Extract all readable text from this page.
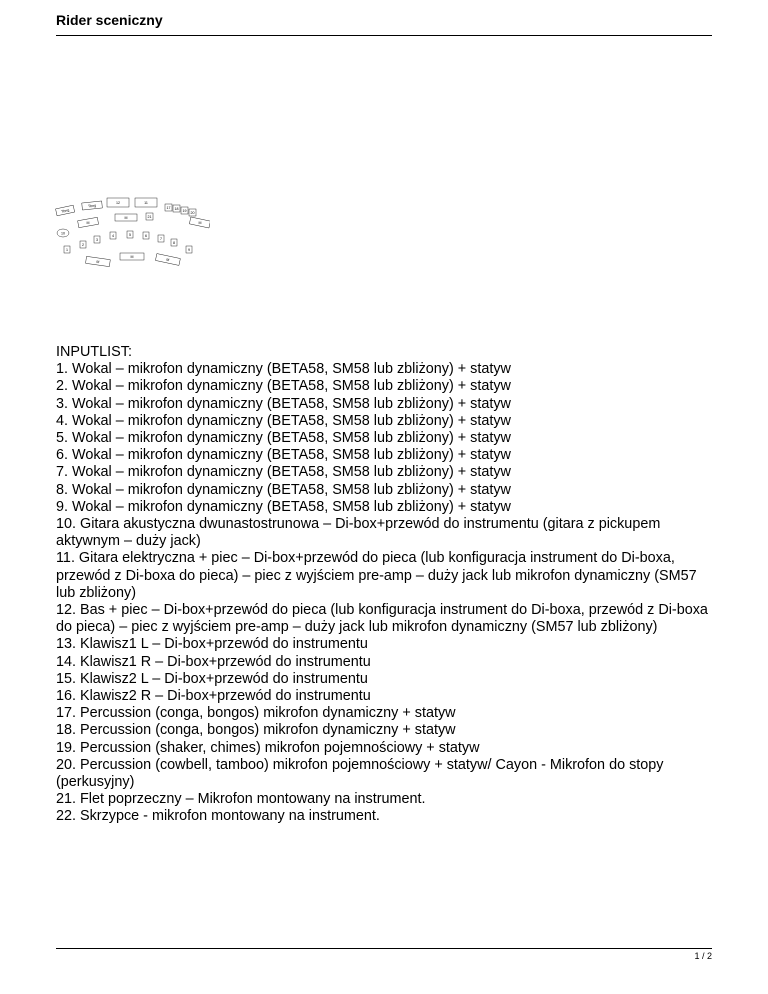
Rider sceniczny
Tbng
Tbng
12	11
17 18 19 20
21
M
M
M
10
4	5	6
7
8
3
2
1	9
M
M
M
INPUTLIST:
1. Wokal – mikrofon dynamiczny (BETA58, SM58 lub zbliżony) + statyw
2. Wokal – mikrofon dynamiczny (BETA58, SM58 lub zbliżony) + statyw
3. Wokal – mikrofon dynamiczny (BETA58, SM58 lub zbliżony) + statyw
4. Wokal – mikrofon dynamiczny (BETA58, SM58 lub zbliżony) + statyw
5. Wokal – mikrofon dynamiczny (BETA58, SM58 lub zbliżony) + statyw
6. Wokal – mikrofon dynamiczny (BETA58, SM58 lub zbliżony) + statyw
7. Wokal – mikrofon dynamiczny (BETA58, SM58 lub zbliżony) + statyw
8. Wokal – mikrofon dynamiczny (BETA58, SM58 lub zbliżony) + statyw
9. Wokal – mikrofon dynamiczny (BETA58, SM58 lub zbliżony) + statyw
10. Gitara akustyczna dwunastostrunowa – Di-box+przewód do instrumentu (gitara z pickupem aktywnym – duży jack)
11. Gitara elektryczna + piec – Di-box+przewód do pieca (lub konfiguracja instrument do Di-boxa, przewód z Di-boxa do pieca) – piec z wyjściem pre-amp – duży jack lub mikrofon dynamiczny (SM57 lub zbliżony)
12. Bas + piec – Di-box+przewód do pieca (lub konfiguracja instrument do Di-boxa, przewód z Di-boxa do pieca) – piec z wyjściem pre-amp – duży jack lub mikrofon dynamiczny (SM57 lub zbliżony)
13. Klawisz1 L – Di-box+przewód do instrumentu
14. Klawisz1 R – Di-box+przewód do instrumentu
15. Klawisz2 L – Di-box+przewód do instrumentu
16. Klawisz2 R – Di-box+przewód do instrumentu
17. Percussion (conga, bongos) mikrofon dynamiczny + statyw
18. Percussion (conga, bongos) mikrofon dynamiczny + statyw
19. Percussion (shaker, chimes) mikrofon pojemnościowy + statyw
20. Percussion (cowbell, tamboo) mikrofon pojemnościowy + statyw/ Cayon - Mikrofon do stopy (perkusyjny)
21. Flet poprzeczny – Mikrofon montowany na instrument.
22. Skrzypce - mikrofon montowany na instrument.
1 / 2
